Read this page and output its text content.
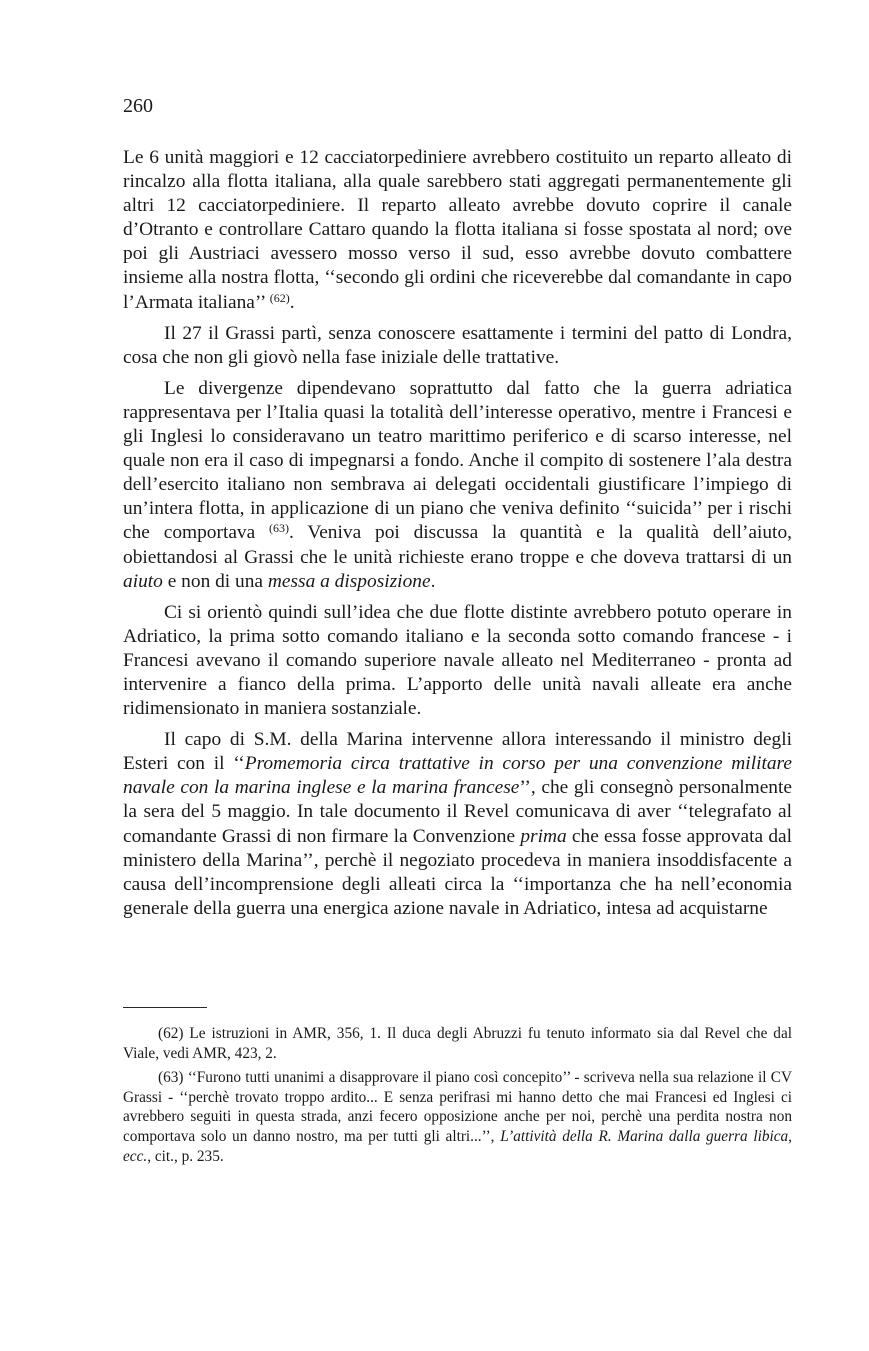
260

Le 6 unità maggiori e 12 cacciatorpediniere avrebbero costituito un reparto alleato di rincalzo alla flotta italiana, alla quale sarebbero stati aggregati permanentemente gli altri 12 cacciatorpediniere. Il reparto alleato avrebbe dovuto coprire il canale d’Otranto e controllare Cattaro quando la flotta italiana si fosse spostata al nord; ove poi gli Austriaci avessero mosso verso il sud, esso avrebbe dovuto combattere insieme alla nostra flotta, ‘‘secondo gli ordini che riceverebbe dal comandante in capo l’Armata italiana’’ $^{(62)}$.

Il 27 il Grassi partì, senza conoscere esattamente i termini del patto di Londra, cosa che non gli giovò nella fase iniziale delle trattative.

Le divergenze dipendevano soprattutto dal fatto che la guerra adriatica rappresentava per l’Italia quasi la totalità dell’interesse operativo, mentre i Francesi e gli Inglesi lo consideravano un teatro marittimo periferico e di scarso interesse, nel quale non era il caso di impegnarsi a fondo. Anche il compito di sostenere l’ala destra dell’esercito italiano non sembrava ai delegati occidentali giustificare l’impiego di un’intera flotta, in applicazione di un piano che veniva definito ‘‘suicida’’ per i rischi che comportava $^{(63)}$. Veniva poi discussa la quantità e la qualità dell’aiuto, obiettandosi al Grassi che le unità richieste erano troppe e che doveva trattarsi di un aiuto e non di una messa a disposizione.

Ci si orientò quindi sull’idea che due flotte distinte avrebbero potuto operare in Adriatico, la prima sotto comando italiano e la seconda sotto comando francese - i Francesi avevano il comando superiore navale alleato nel Mediterraneo - pronta ad intervenire a fianco della prima. L’apporto delle unità navali alleate era anche ridimensionato in maniera sostanziale.

Il capo di S.M. della Marina intervenne allora interessando il ministro degli Esteri con il ‘‘Promemoria circa trattative in corso per una convenzione militare navale con la marina inglese e la marina francese’’, che gli consegnò personalmente la sera del 5 maggio. In tale documento il Revel comunicava di aver ‘‘telegrafato al comandante Grassi di non firmare la Convenzione prima che essa fosse approvata dal ministero della Marina’’, perchè il negoziato procedeva in maniera insoddisfacente a causa dell’incomprensione degli alleati circa la ‘‘importanza che ha nell’economia generale della guerra una energica azione navale in Adriatico, intesa ad acquistarne

(62) Le istruzioni in AMR, 356, 1. Il duca degli Abruzzi fu tenuto informato sia dal Revel che dal Viale, vedi AMR, 423, 2.

(63) ‘‘Furono tutti unanimi a disapprovare il piano così concepito’’ - scriveva nella sua relazione il CV Grassi - ‘‘perchè trovato troppo ardito... E senza perifrasi mi hanno detto che mai Francesi ed Inglesi ci avrebbero seguiti in questa strada, anzi fecero opposizione anche per noi, perchè una perdita nostra non comportava solo un danno nostro, ma per tutti gli altri...’’, L’attività della R. Marina dalla guerra libica, ecc., cit., p. 235.
